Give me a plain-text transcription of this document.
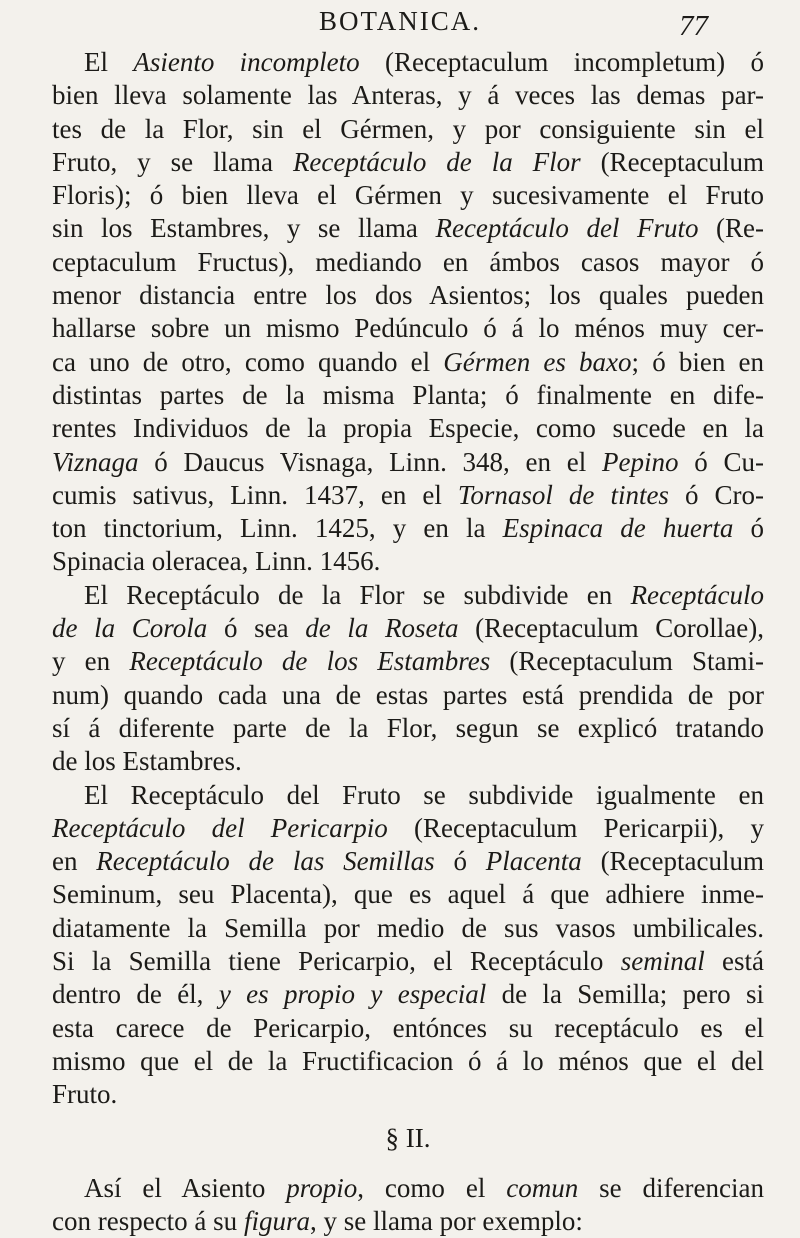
BOTANICA.	77
El Asiento incompleto (Receptaculum incompletum) ó
bien lleva solamente las Anteras, y á veces las demas par-
tes de la Flor, sin el Gérmen, y por consiguiente sin el
Fruto, y se llama Receptáculo de la Flor (Receptaculum
Floris); ó bien lleva el Gérmen y sucesivamente el Fruto
sin los Estambres, y se llama Receptáculo del Fruto (Re-
ceptaculum Fructus), mediando en ámbos casos mayor ó
menor distancia entre los dos Asientos; los quales pueden
hallarse sobre un mismo Pedúnculo ó á lo ménos muy cer-
ca uno de otro, como quando el Gérmen es baxo; ó bien en
distintas partes de la misma Planta; ó finalmente en dife-
rentes Individuos de la propia Especie, como sucede en la
Viznaga ó Daucus Visnaga, Linn. 348, en el Pepino ó Cu-
cumis sativus, Linn. 1437, en el Tornasol de tintes ó Cro-
ton tinctorium, Linn. 1425, y en la Espinaca de huerta ó
Spinacia oleracea, Linn. 1456.
El Receptáculo de la Flor se subdivide en Receptáculo
de la Corola ó sea de la Roseta (Receptaculum Corollae),
y en Receptáculo de los Estambres (Receptaculum Stami-
num) quando cada una de estas partes está prendida de por
sí á diferente parte de la Flor, segun se explicó tratando
de los Estambres.
El Receptáculo del Fruto se subdivide igualmente en
Receptáculo del Pericarpio (Receptaculum Pericarpii), y
en Receptáculo de las Semillas ó Placenta (Receptaculum
Seminum, seu Placenta), que es aquel á que adhiere inme-
diatamente la Semilla por medio de sus vasos umbilicales.
Si la Semilla tiene Pericarpio, el Receptáculo seminal está
dentro de él, y es propio y especial de la Semilla; pero si
esta carece de Pericarpio, entónces su receptáculo es el
mismo que el de la Fructificacion ó á lo ménos que el del
Fruto.
§ II.
Así el Asiento propio, como el comun se diferencian
con respecto á su figura, y se llama por exemplo:
